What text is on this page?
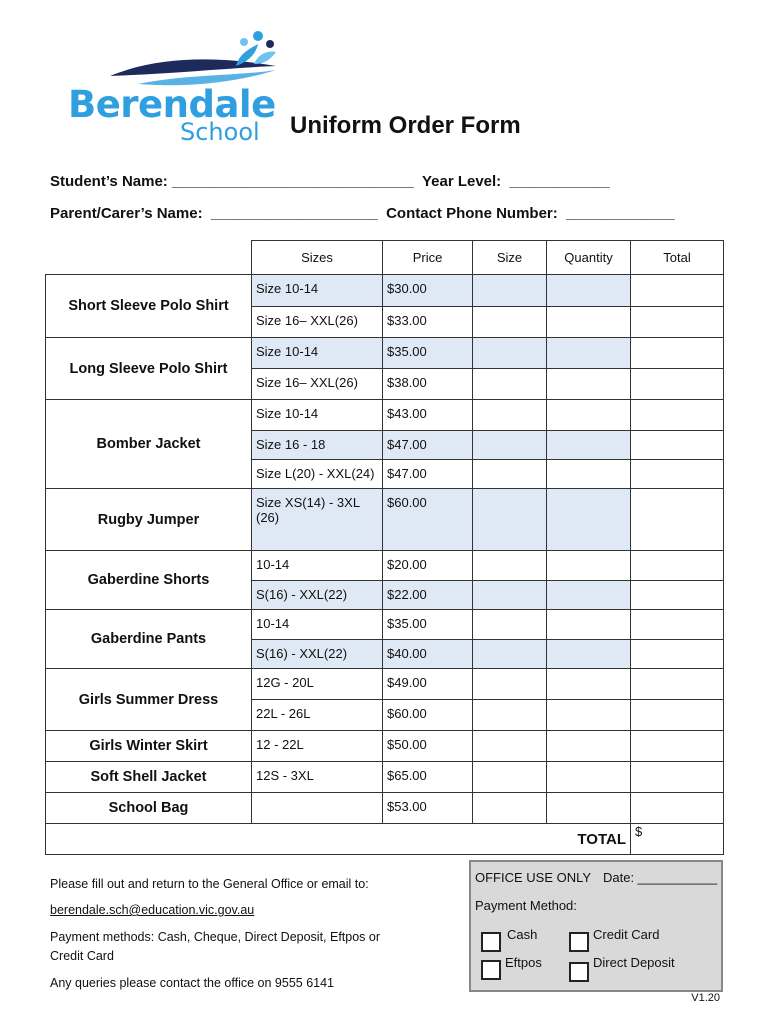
Berendale
School Uniform Order Form
Student’s Name: _____________________________  Year Level:  ____________
Parent/Carer’s Name:  ____________________  Contact Phone Number:  _____________
	Sizes	Price	Size	Quantity	Total
Short Sleeve Polo Shirt	Size 10-14	$30.00			

	Size 16– XXL(26)	$33.00			

Long Sleeve Polo Shirt	Size 10-14	$35.00			

	Size 16– XXL(26)	$38.00			

Bomber Jacket	Size 10-14	$43.00			

	Size 16 - 18	$47.00			

	Size L(20) - XXL(24)	$47.00			

Rugby Jumper	Size XS(14) - 3XL (26)	$60.00			

Gaberdine Shorts	10-14	$20.00			

	S(16) - XXL(22)	$22.00			

Gaberdine Pants	10-14	$35.00			

	S(16) - XXL(22)	$40.00			

Girls Summer Dress	12G - 20L	$49.00			

	22L - 26L	$60.00			

Girls Winter Skirt	12 - 22L	$50.00			

Soft Shell Jacket	12S - 3XL	$65.00			

School Bag		$53.00			

TOTAL					$
Please fill out and return to the General Office or email to:
berendale.sch@education.vic.gov.au
Payment methods: Cash, Cheque, Direct Deposit, Eftpos or Credit Card
Any queries please contact the office on 9555 6141
OFFICE USE ONLY Date: ___________
Payment Method:
Cash	Credit Card
Eftpos	Direct Deposit
V1.20
